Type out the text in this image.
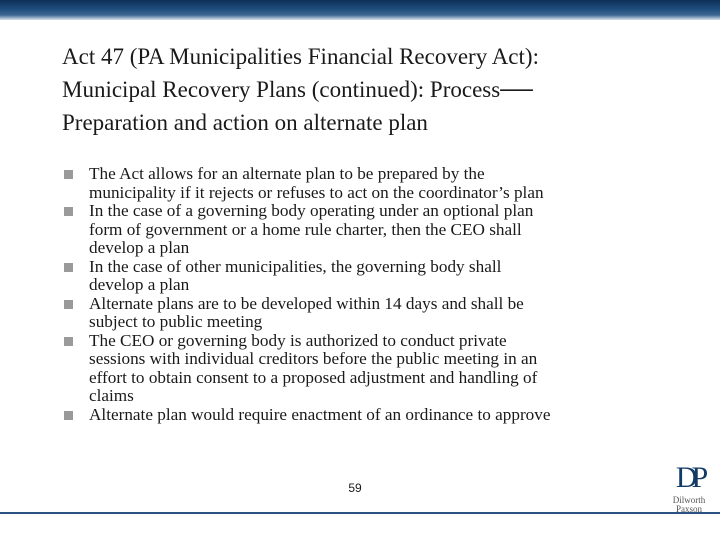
Act 47 (PA Municipalities Financial Recovery Act):
Municipal Recovery Plans (continued): Process──
Preparation and action on alternate plan
The Act allows for an alternate plan to be prepared by the
municipality if it rejects or refuses to act on the coordinator’s plan
In the case of a governing body operating under an optional plan
form of government or a home rule charter, then the CEO shall
develop a plan
In the case of other municipalities, the governing body shall
develop a plan
Alternate plans are to be developed within 14 days and shall be
subject to public meeting
The CEO or governing body is authorized to conduct private
sessions with individual creditors before the public meeting in an
effort to obtain consent to a proposed adjustment and handling of
claims
Alternate plan would require enactment of an ordinance to approve
59	DP
Dilworth
Paxson
